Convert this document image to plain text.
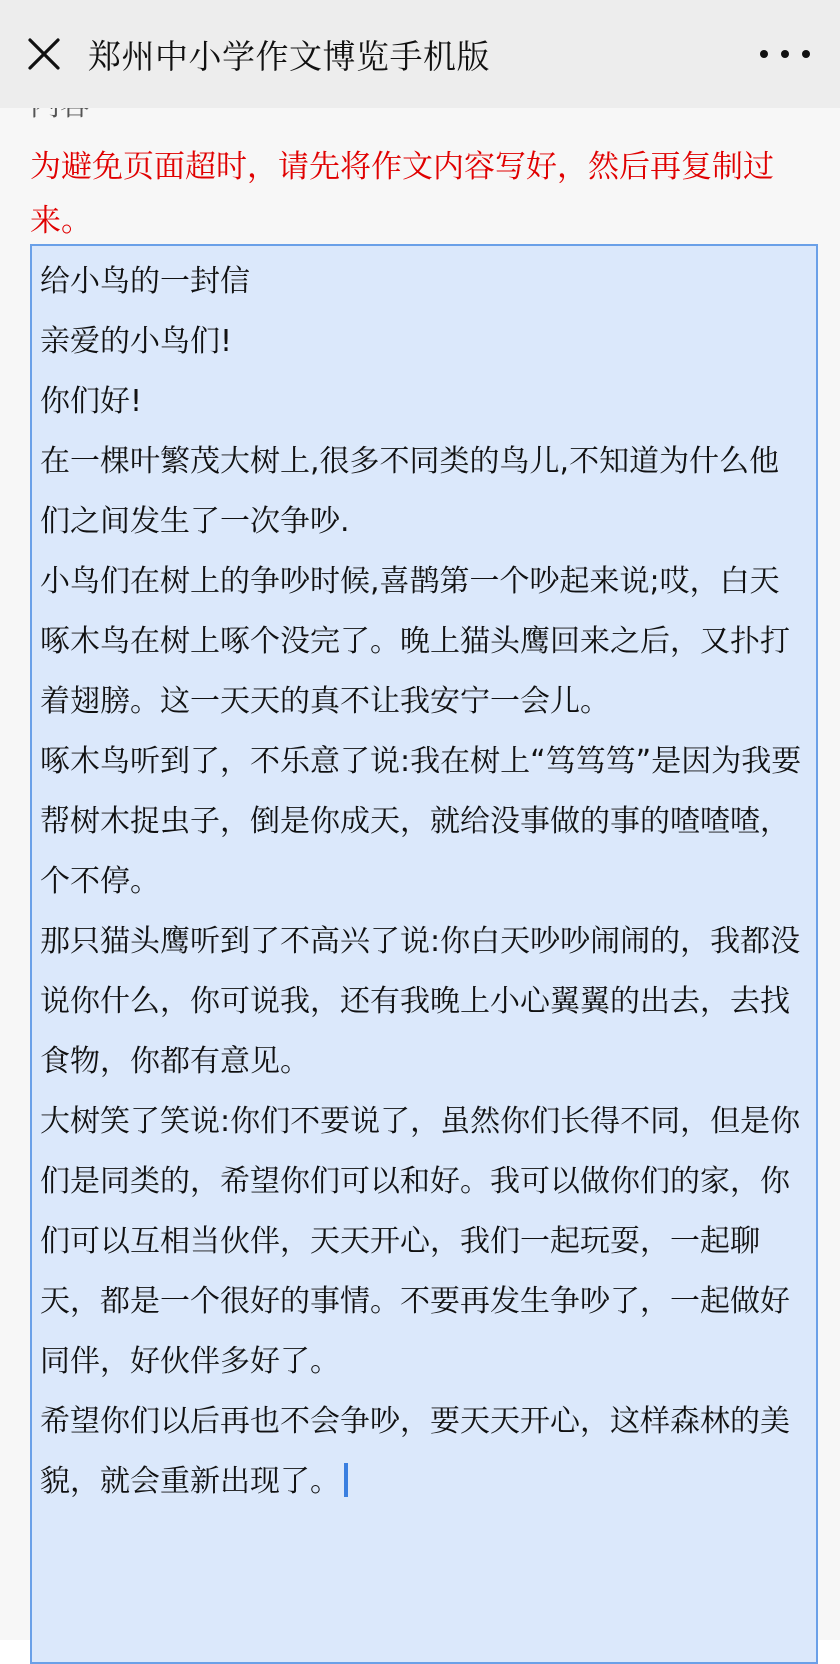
郑州中小学作文博览手机版
为避免页面超时，请先将作文内容写好，然后再复制过来。
给小鸟的一封信
亲爱的小鸟们!
你们好!
在一棵叶繁茂大树上,很多不同类的鸟儿,不知道为什么他们之间发生了一次争吵.
小鸟们在树上的争吵时候,喜鹊第一个吵起来说;哎，白天啄木鸟在树上啄个没完了。晚上猫头鹰回来之后，又扑打着翅膀。这一天天的真不让我安宁一会儿。
啄木鸟听到了，不乐意了说:我在树上“笃笃笃”是因为我要帮树木捉虫子，倒是你成天，就给没事做的事的喳喳喳，个不停。
那只猫头鹰听到了不高兴了说:你白天吵吵闹闹的，我都没说你什么，你可说我，还有我晚上小心翼翼的出去，去找食物，你都有意见。
大树笑了笑说:你们不要说了，虽然你们长得不同，但是你们是同类的，希望你们可以和好。我可以做你们的家，你们可以互相当伙伴，天天开心，我们一起玩耍，一起聊天，都是一个很好的事情。不要再发生争吵了，一起做好同伴，好伙伴多好了。
希望你们以后再也不会争吵，要天天开心，这样森林的美貌，就会重新出现了。
